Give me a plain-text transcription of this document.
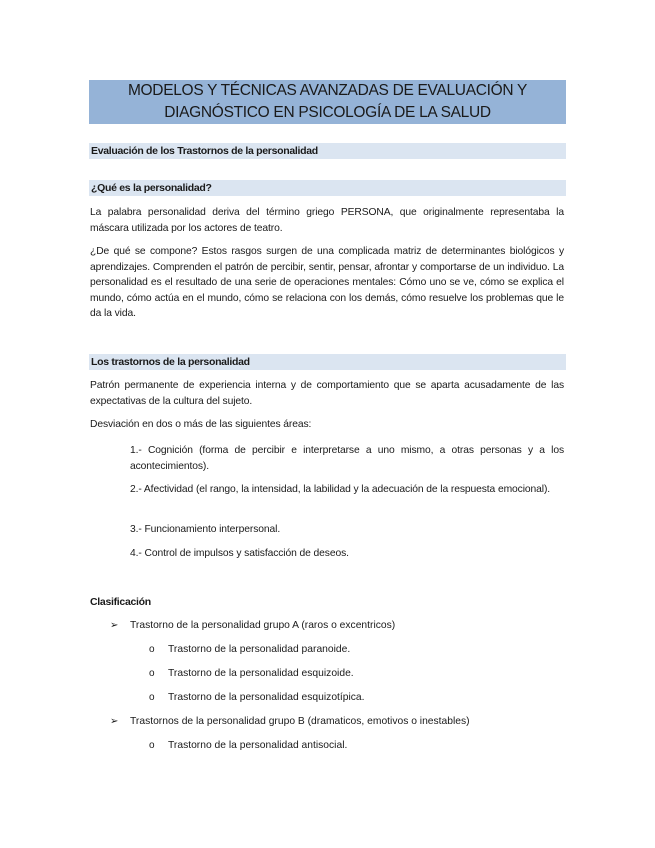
MODELOS Y TÉCNICAS AVANZADAS DE EVALUACIÓN Y
DIAGNÓSTICO EN PSICOLOGÍA DE LA SALUD
Evaluación de los Trastornos de la personalidad
¿Qué es la personalidad?
La palabra personalidad deriva del término griego PERSONA, que originalmente representaba la máscara utilizada por los actores de teatro.
¿De qué se compone? Estos rasgos surgen de una complicada matriz de determinantes biológicos y aprendizajes. Comprenden el patrón de percibir, sentir, pensar, afrontar y comportarse de un individuo. La personalidad es el resultado de una serie de operaciones mentales: Cómo uno se ve, cómo se explica el mundo, cómo actúa en el mundo, cómo se relaciona con los demás, cómo resuelve los problemas que le da la vida.
Los trastornos de la personalidad
Patrón permanente de experiencia interna y de comportamiento que se aparta acusadamente de las expectativas de la cultura del sujeto.
Desviación en dos o más de las siguientes áreas:
1.- Cognición (forma de percibir e interpretarse a uno mismo, a otras personas y a los acontecimientos).
2.- Afectividad (el rango, la intensidad, la labilidad y la adecuación de la respuesta emocional).
3.- Funcionamiento interpersonal.
4.- Control de impulsos y satisfacción de deseos.
Clasificación
➢ Trastorno de la personalidad grupo A (raros o excentricos)
o Trastorno de la personalidad paranoide.
o Trastorno de la personalidad esquizoide.
o Trastorno de la personalidad esquizotípica.
➢ Trastornos de la personalidad grupo B (dramaticos, emotivos o inestables)
o Trastorno de la personalidad antisocial.
